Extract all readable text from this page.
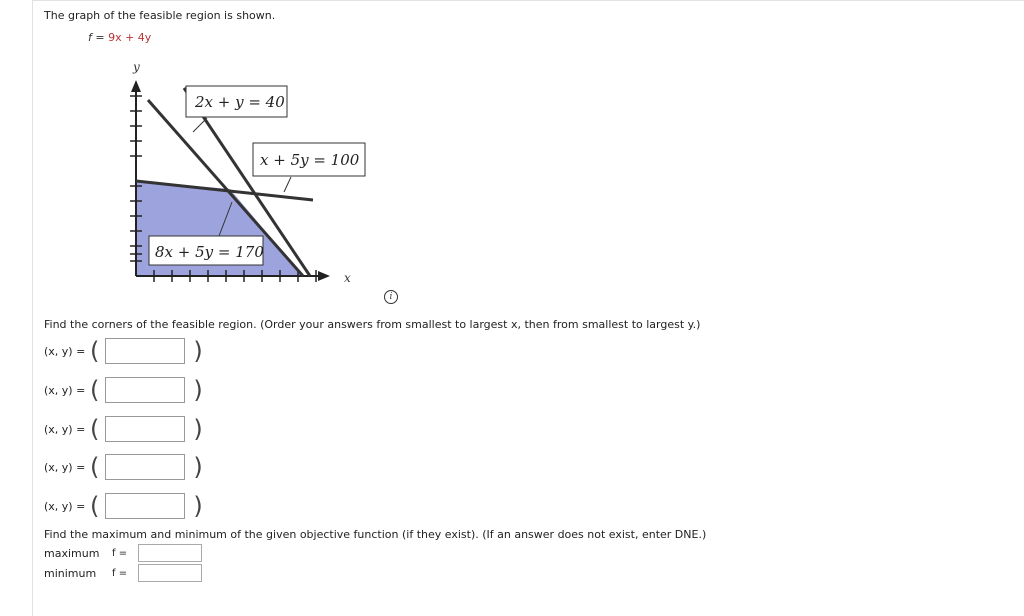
The graph of the feasible region is shown.
f = 9x + 4y
2x + y = 40
x + 5y = 100
8x + 5y = 170
y
x
i
Find the corners of the feasible region. (Order your answers from smallest to largest x, then from smallest to largest y.)
(x, y) = (	)
(x, y) = (	)
(x, y) = (	)
(x, y) = (	)
(x, y) = (	)
Find the maximum and minimum of the given objective function (if they exist). (If an answer does not exist, enter DNE.)
maximum	f =
minimum	f =
